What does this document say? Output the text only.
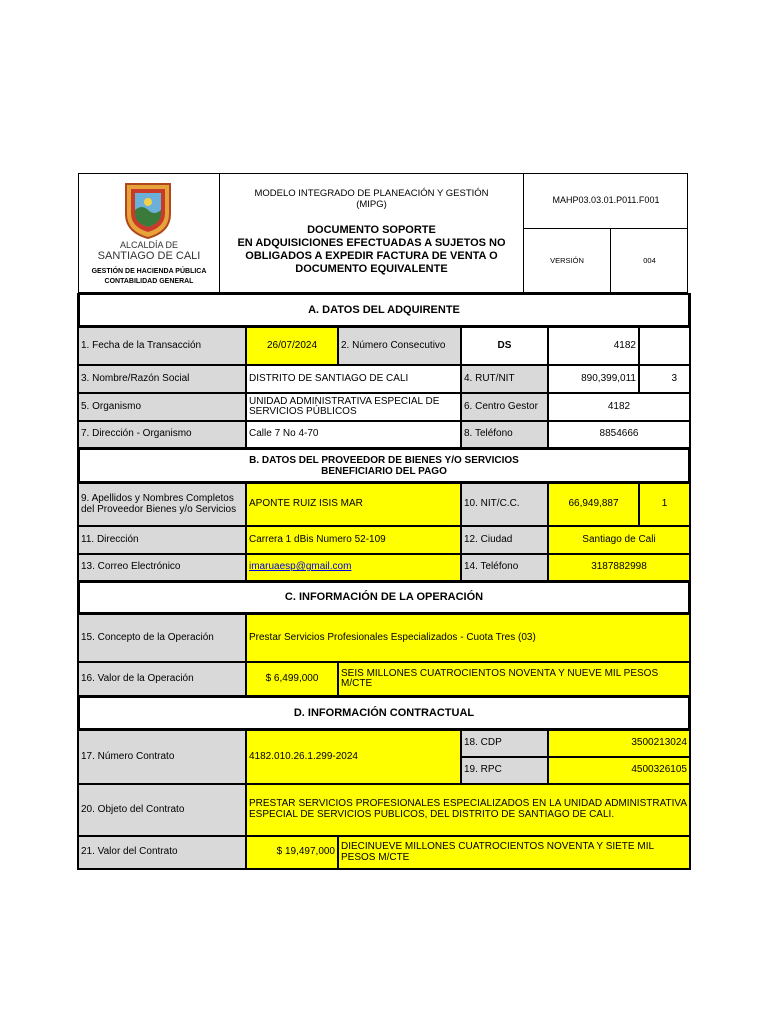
ALCALDÍA DE
SANTIAGO DE CALI
GESTIÓN DE HACIENDA PÚBLICA
CONTABILIDAD GENERAL
MODELO INTEGRADO DE PLANEACIÓN Y GESTIÓN
(MIPG)
DOCUMENTO SOPORTE
EN ADQUISICIONES EFECTUADAS A SUJETOS NO
OBLIGADOS A EXPEDIR FACTURA DE VENTA O
DOCUMENTO EQUIVALENTE
MAHP03.03.01.P011.F001
VERSIÓN	004
A. DATOS DEL ADQUIRENTE
1. Fecha de la Transacción	26/07/2024	2. Número Consecutivo	DS	4182
3. Nombre/Razón Social	DISTRITO DE SANTIAGO DE CALI	4. RUT/NIT	890,399,011	3
5. Organismo	UNIDAD ADMINISTRATIVA ESPECIAL DE SERVICIOS PÚBLICOS	6. Centro Gestor	4182
7. Dirección - Organismo	Calle 7 No 4-70	8. Teléfono	8854666
B. DATOS DEL PROVEEDOR DE BIENES Y/O SERVICIOS
BENEFICIARIO DEL PAGO
9. Apellidos y Nombres Completos del Proveedor Bienes y/o Servicios	APONTE RUIZ ISIS MAR	10. NIT/C.C.	66,949,887	1
11. Dirección	Carrera 1 dBis Numero 52-109	12. Ciudad	Santiago de Cali
13. Correo Electrónico	imaruaesp@gmail.com	14. Teléfono	3187882998
C. INFORMACIÓN DE LA OPERACIÓN
15. Concepto de la Operación	Prestar Servicios Profesionales Especializados - Cuota Tres (03)
16. Valor de la Operación	$ 6,499,000	SEIS MILLONES CUATROCIENTOS NOVENTA Y NUEVE MIL PESOS M/CTE
D. INFORMACIÓN CONTRACTUAL
17. Número Contrato	4182.010.26.1.299-2024
18. CDP	3500213024
19. RPC	4500326105
20. Objeto del Contrato
PRESTAR SERVICIOS PROFESIONALES ESPECIALIZADOS EN LA UNIDAD ADMINISTRATIVA ESPECIAL DE SERVICIOS PUBLICOS, DEL DISTRITO DE SANTIAGO DE CALI.
21. Valor del Contrato	$ 19,497,000 DIECINUEVE MILLONES CUATROCIENTOS NOVENTA Y SIETE MIL PESOS M/CTE
